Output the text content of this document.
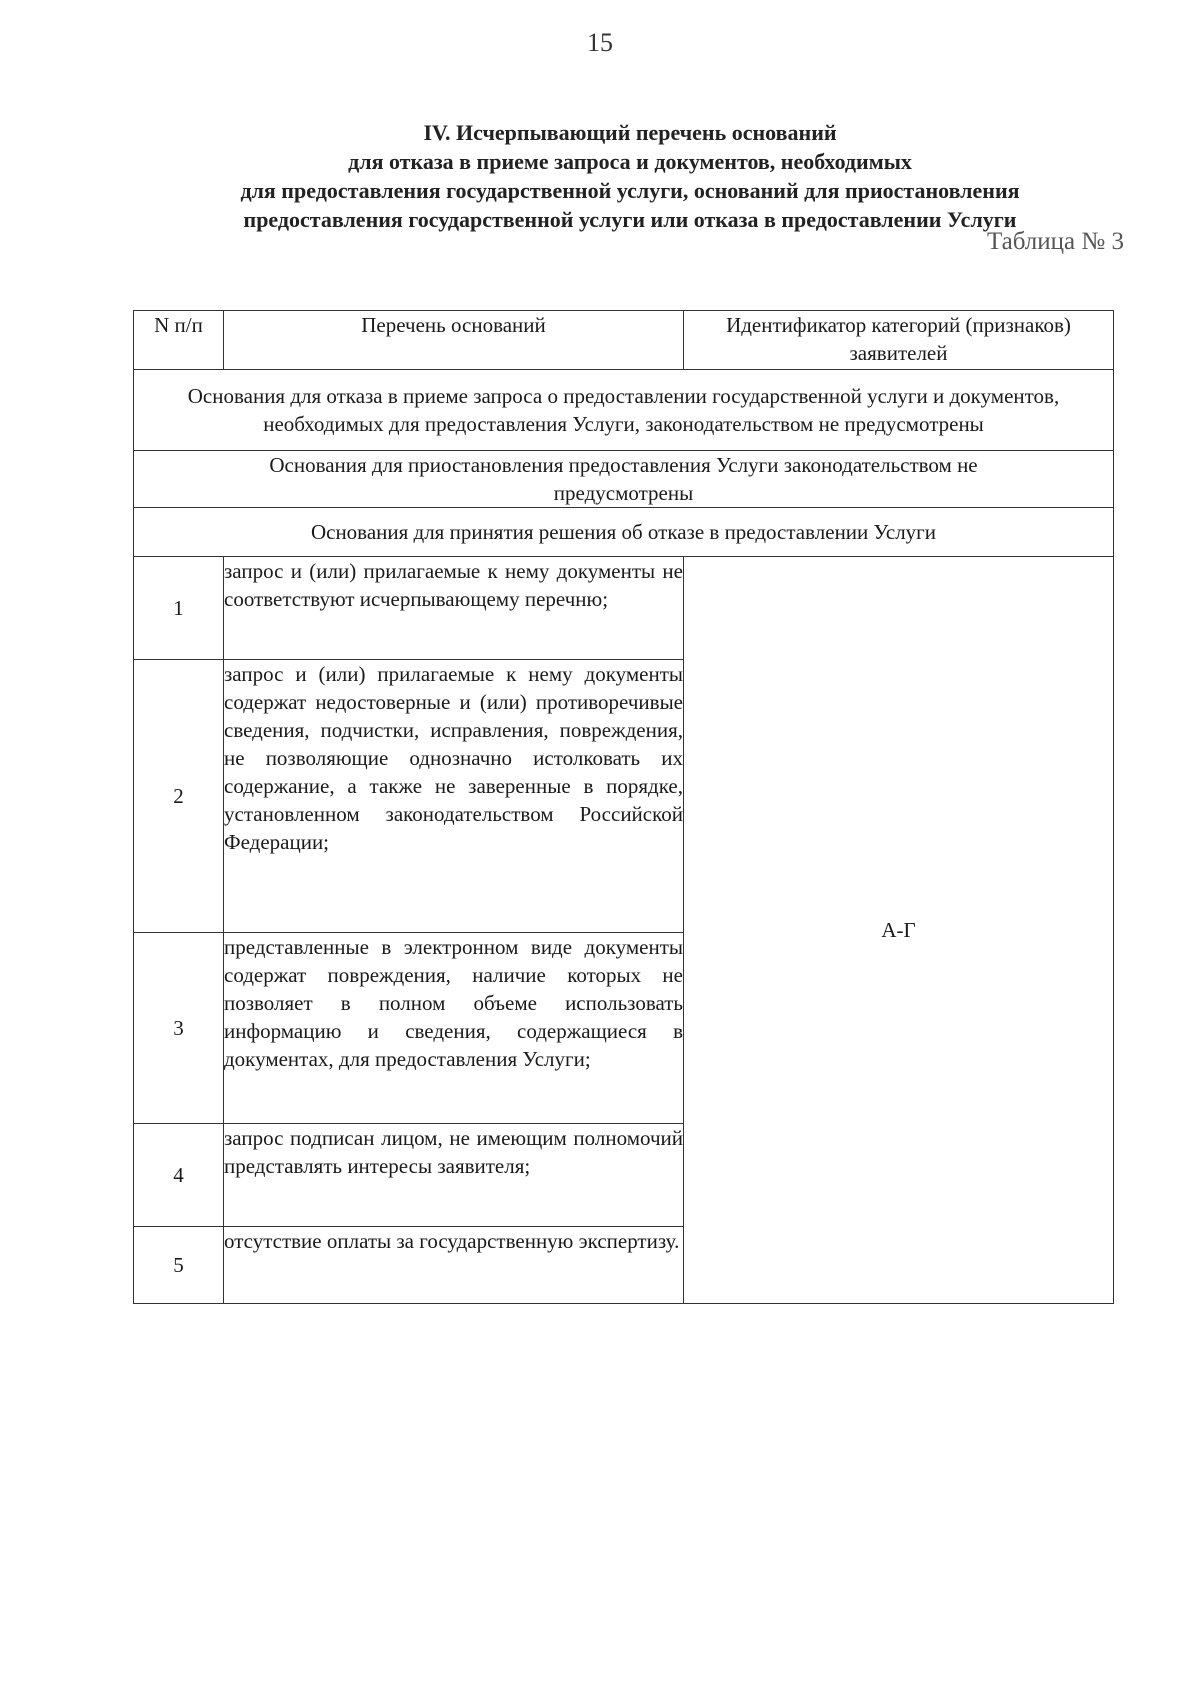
15
IV. Исчерпывающий перечень оснований
для отказа в приеме запроса и документов, необходимых
для предоставления государственной услуги, оснований для приостановления
предоставления государственной услуги или отказа в предоставлении Услуги
Таблица № 3
N п/п	Перечень оснований	Идентификатор категорий (признаков) заявителей
Основания для отказа в приеме запроса о предоставлении государственной услуги и документов, необходимых для предоставления Услуги, законодательством не предусмотрены		
Основания для приостановления предоставления Услуги законодательством не предусмотрены		
Основания для принятия решения об отказе в предоставлении Услуги		
1	запрос и (или) прилагаемые к нему документы не соответствуют исчерпывающему перечню;	А-Г
2	запрос и (или) прилагаемые к нему документы содержат недостоверные и (или) противоречивые сведения, подчистки, исправления, повреждения, не позволяющие однозначно истолковать их содержание, а также не заверенные в порядке, установленном законодательством Российской Федерации;	
3	представленные в электронном виде документы содержат повреждения, наличие которых не позволяет в полном объеме использовать информацию и сведения, содержащиеся в документах, для предоставления Услуги;	
4	запрос подписан лицом, не имеющим полномочий представлять интересы заявителя;	
5	отсутствие оплаты за государственную экспертизу.	
